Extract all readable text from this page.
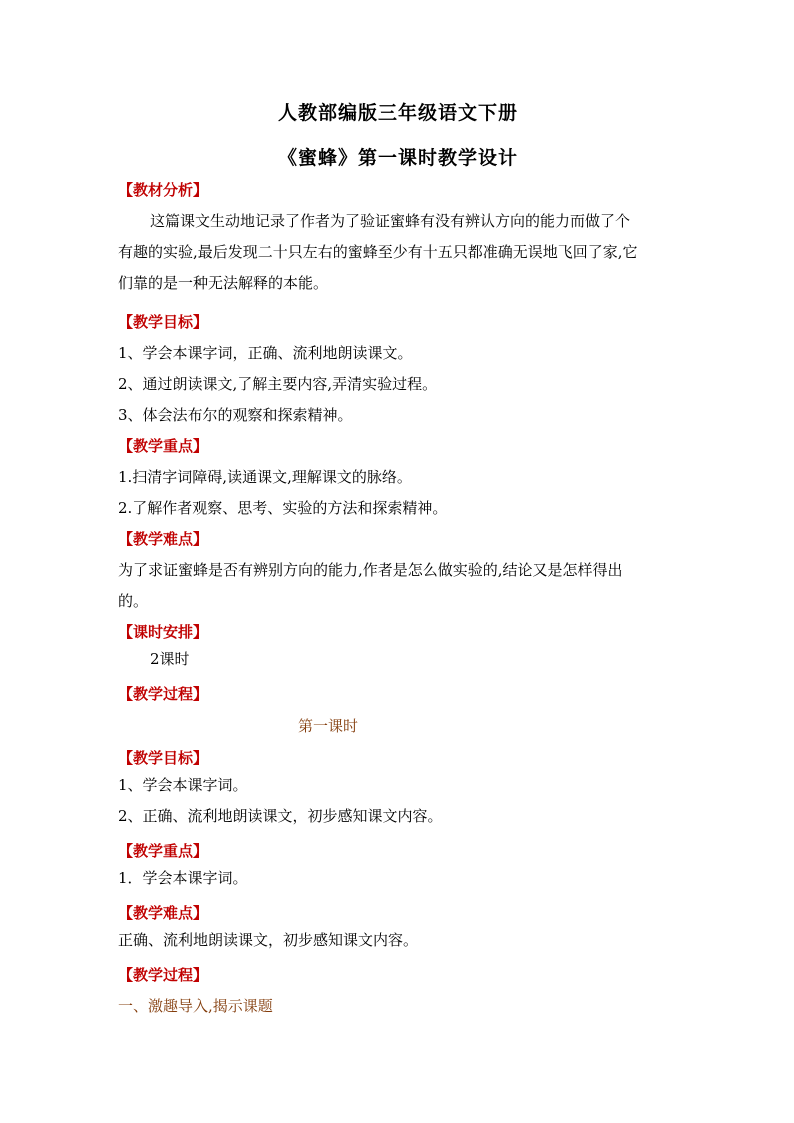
人教部编版三年级语文下册
《蜜蜂》第一课时教学设计
【教材分析】
这篇课文生动地记录了作者为了验证蜜蜂有没有辨认方向的能力而做了个
有趣的实验,最后发现二十只左右的蜜蜂至少有十五只都准确无误地飞回了家,它
们靠的是一种无法解释的本能。
【教学目标】
1、学会本课字词，正确、流利地朗读课文。
2、通过朗读课文,了解主要内容,弄清实验过程。
3、体会法布尔的观察和探索精神。
【教学重点】
1.扫清字词障碍,读通课文,理解课文的脉络。
2.了解作者观察、思考、实验的方法和探索精神。
【教学难点】
为了求证蜜蜂是否有辨别方向的能力,作者是怎么做实验的,结论又是怎样得出
的。
【课时安排】
2课时
【教学过程】
第一课时
【教学目标】
1、学会本课字词。
2、正确、流利地朗读课文，初步感知课文内容。
【教学重点】
1．学会本课字词。
【教学难点】
正确、流利地朗读课文，初步感知课文内容。
【教学过程】
一、激趣导入,揭示课题
